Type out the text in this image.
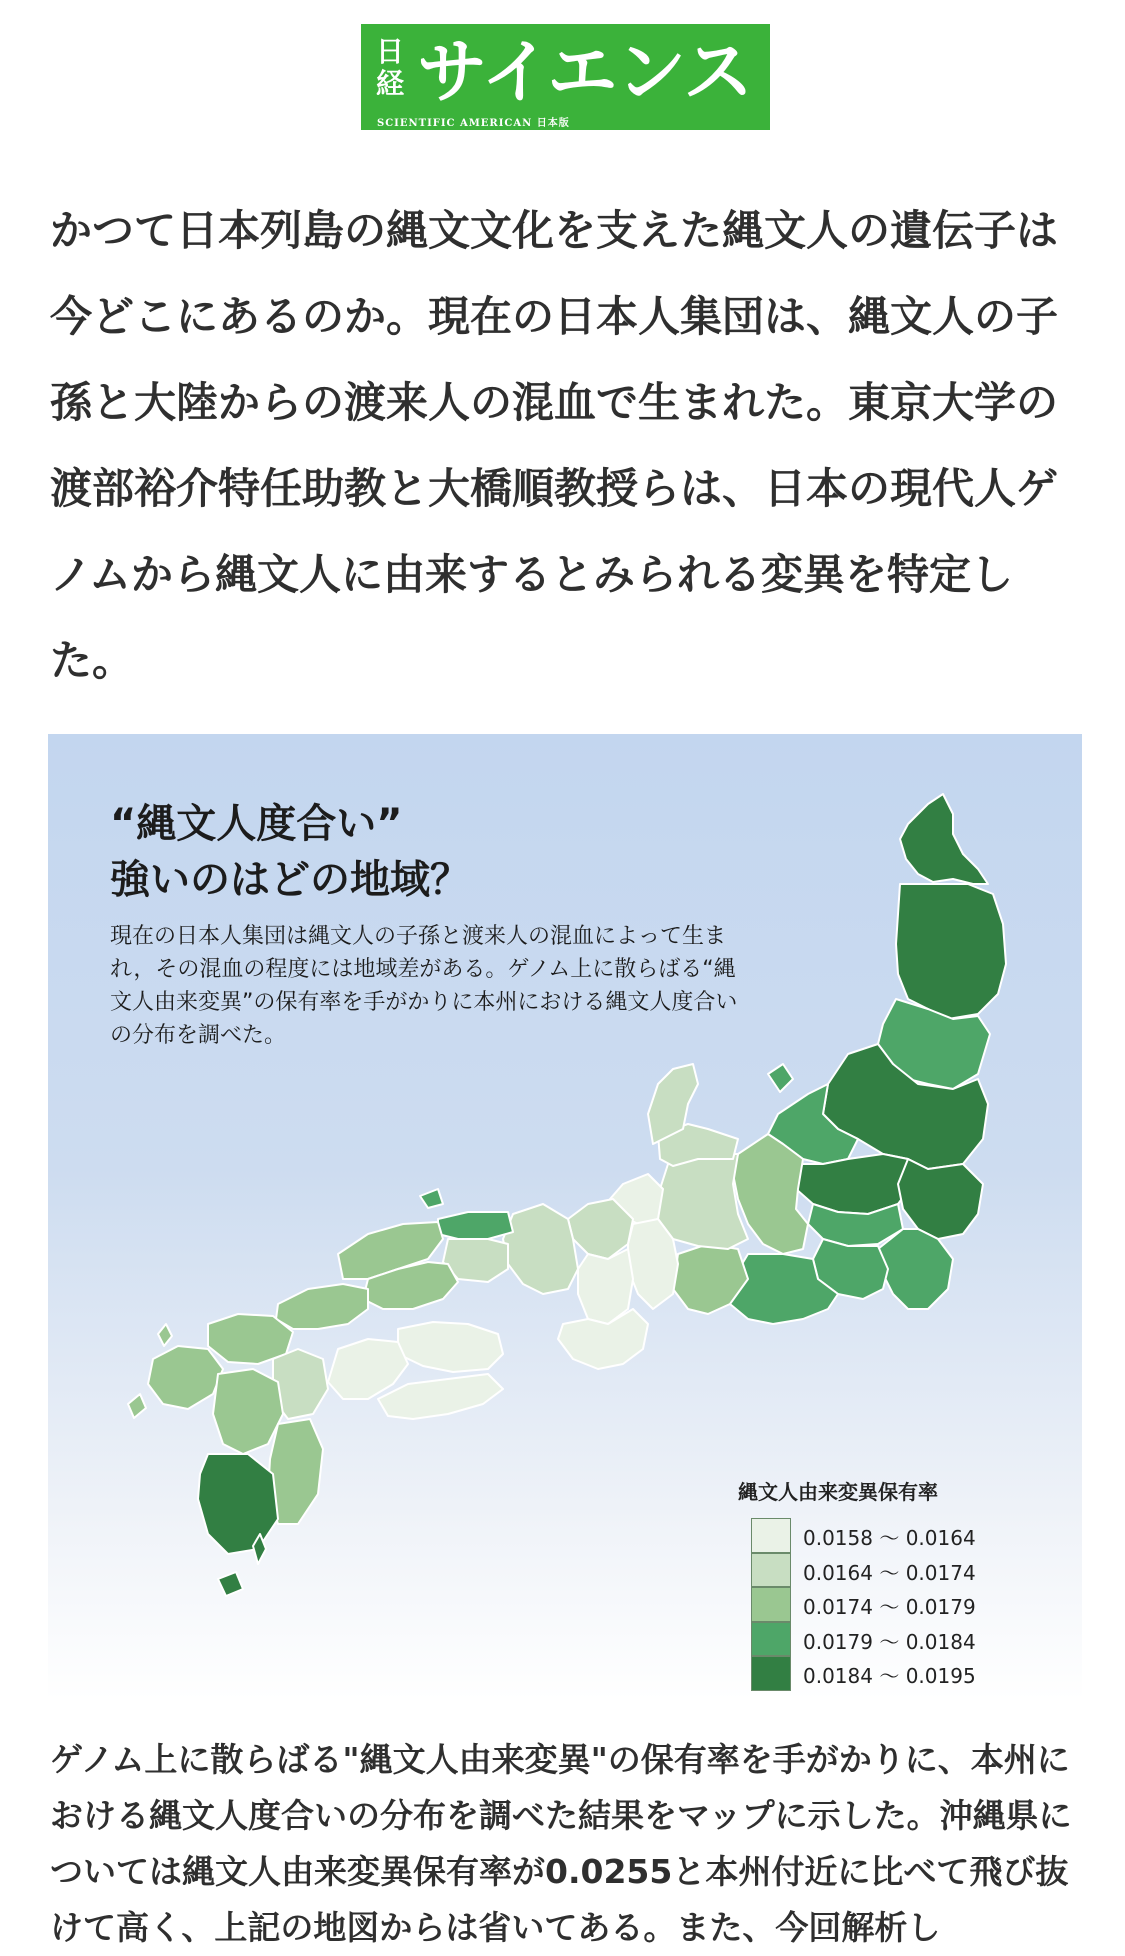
日経 サイエンス
SCIENTIFIC AMERICAN 日本版
かつて日本列島の縄文文化を支えた縄文人の遺伝子は今どこにあるのか。現在の日本人集団は、縄文人の子孫と大陸からの渡来人の混血で生まれた。東京大学の渡部裕介特任助教と大橋順教授らは、日本の現代人ゲノムから縄文人に由来するとみられる変異を特定した。
“縄文人度合い”
強いのはどの地域？
現在の日本人集団は縄文人の子孫と渡来人の混血によって生まれ，その混血の程度には地域差がある。ゲノム上に散らばる“縄文人由来変異”の保有率を手がかりに本州における縄文人度合いの分布を調べた。
縄文人由来変異保有率
0.0158 ～ 0.0164
0.0164 ～ 0.0174
0.0174 ～ 0.0179
0.0179 ～ 0.0184
0.0184 ～ 0.0195
ゲノム上に散らばる"縄文人由来変異"の保有率を手がかりに、本州における縄文人度合いの分布を調べた結果をマップに示した。沖縄県については縄文人由来変異保有率が0.0255と本州付近に比べて飛び抜けて高く、上記の地図からは省いてある。また、今回解析し
